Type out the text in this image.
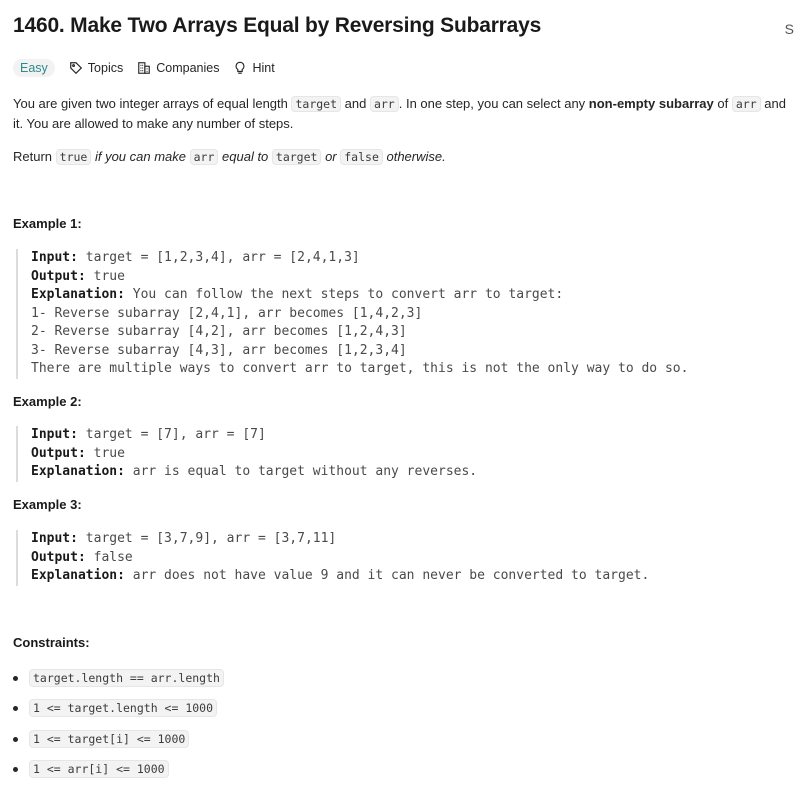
1460. Make Two Arrays Equal by Reversing Subarrays	S
Easy	Topics	Companies	Hint
You are given two integer arrays of equal length target and arr . In one step, you can select any non-empty subarray of arr and
it. You are allowed to make any number of steps.
Return true if you can make arr equal to target or false otherwise.
Example 1:
Input: target = [1,2,3,4], arr = [2,4,1,3]
Output: true
Explanation: You can follow the next steps to convert arr to target:
1- Reverse subarray [2,4,1], arr becomes [1,4,2,3]
2- Reverse subarray [4,2], arr becomes [1,2,4,3]
3- Reverse subarray [4,3], arr becomes [1,2,3,4]
There are multiple ways to convert arr to target, this is not the only way to do so.
Example 2:
Input: target = [7], arr = [7]
Output: true
Explanation: arr is equal to target without any reverses.
Example 3:
Input: target = [3,7,9], arr = [3,7,11]
Output: false
Explanation: arr does not have value 9 and it can never be converted to target.
Constraints:
target.length == arr.length
1 <= target.length <= 1000
1 <= target[i] <= 1000
1 <= arr[i] <= 1000
